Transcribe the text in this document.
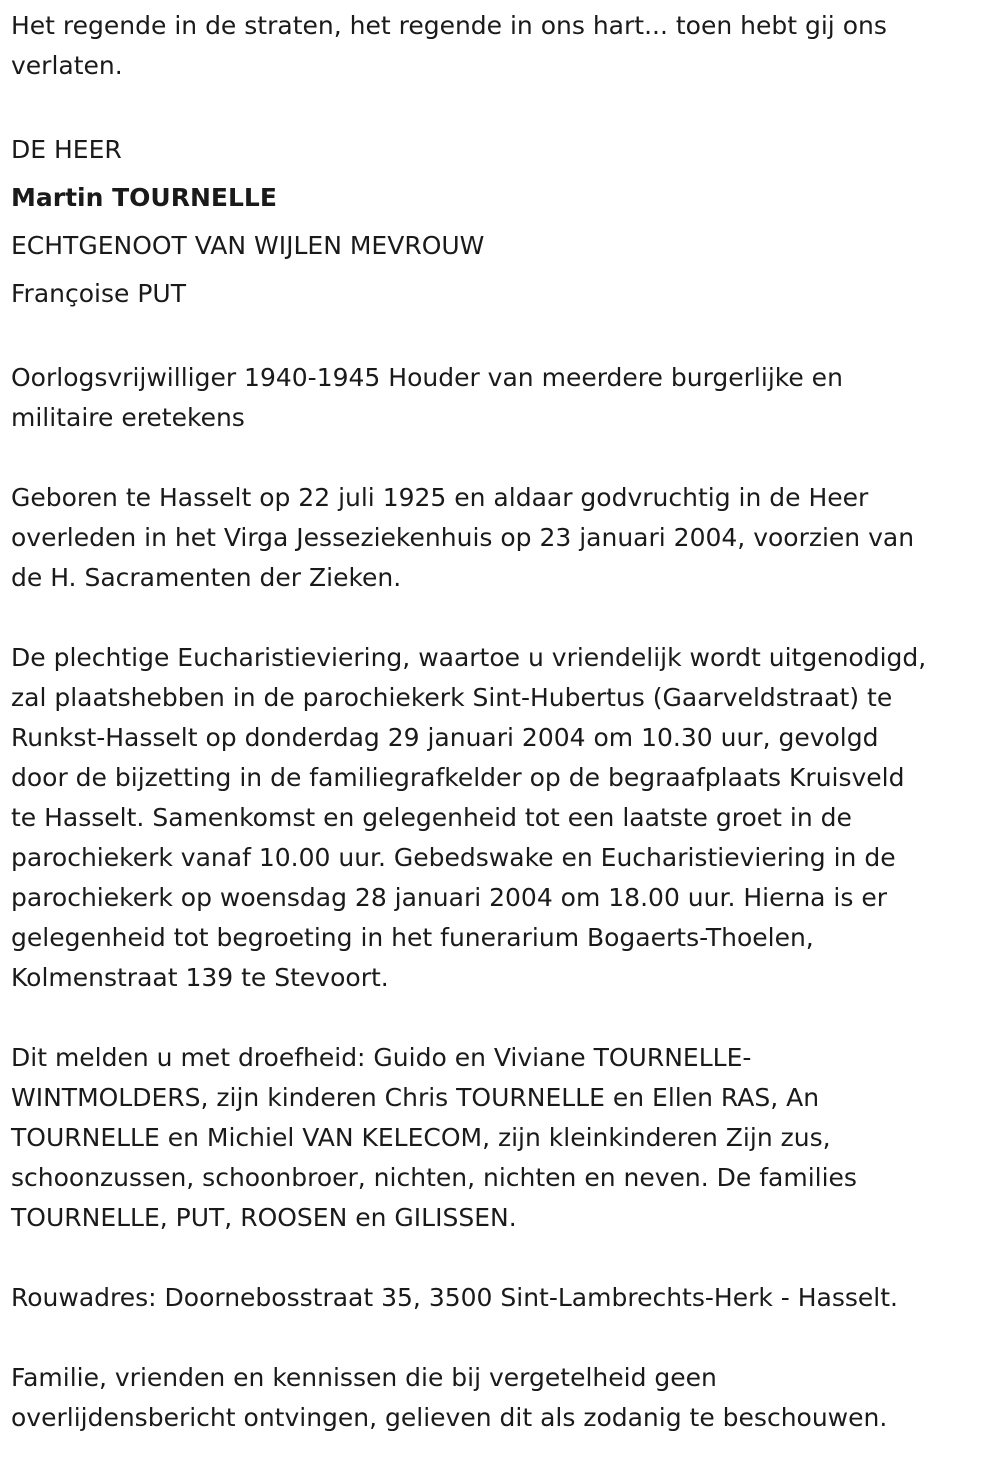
Het regende in de straten, het regende in ons hart... toen hebt gij ons
verlaten.

DE HEER

Martin TOURNELLE

ECHTGENOOT VAN WIJLEN MEVROUW

Françoise PUT

Oorlogsvrijwilliger 1940-1945 Houder van meerdere burgerlijke en
militaire eretekens

Geboren te Hasselt op 22 juli 1925 en aldaar godvruchtig in de Heer
overleden in het Virga Jesseziekenhuis op 23 januari 2004, voorzien van
de H. Sacramenten der Zieken.

De plechtige Eucharistieviering, waartoe u vriendelijk wordt uitgenodigd,
zal plaatshebben in de parochiekerk Sint-Hubertus (Gaarveldstraat) te
Runkst-Hasselt op donderdag 29 januari 2004 om 10.30 uur, gevolgd
door de bijzetting in de familiegrafkelder op de begraafplaats Kruisveld
te Hasselt. Samenkomst en gelegenheid tot een laatste groet in de
parochiekerk vanaf 10.00 uur. Gebedswake en Eucharistieviering in de
parochiekerk op woensdag 28 januari 2004 om 18.00 uur. Hierna is er
gelegenheid tot begroeting in het funerarium Bogaerts-Thoelen,
Kolmenstraat 139 te Stevoort.

Dit melden u met droefheid: Guido en Viviane TOURNELLE-
WINTMOLDERS, zijn kinderen Chris TOURNELLE en Ellen RAS, An
TOURNELLE en Michiel VAN KELECOM, zijn kleinkinderen Zijn zus,
schoonzussen, schoonbroer, nichten, nichten en neven. De families
TOURNELLE, PUT, ROOSEN en GILISSEN.

Rouwadres: Doornebosstraat 35, 3500 Sint-Lambrechts-Herk - Hasselt.

Familie, vrienden en kennissen die bij vergetelheid geen
overlijdensbericht ontvingen, gelieven dit als zodanig te beschouwen.
